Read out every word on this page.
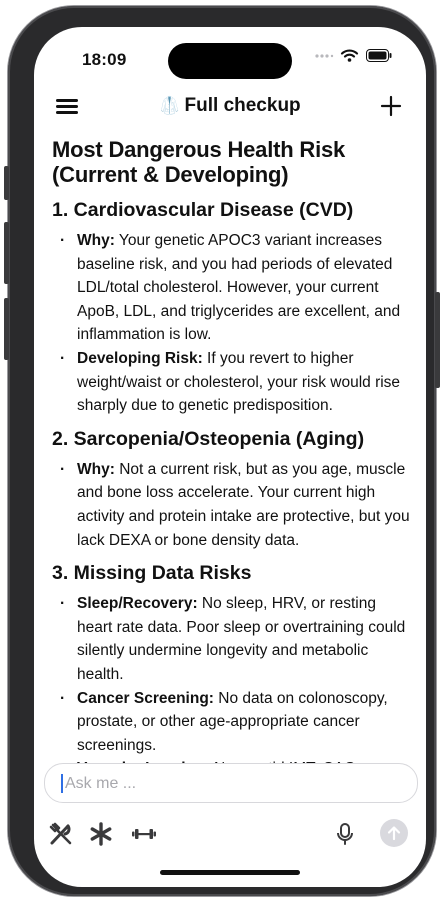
18:09
🥼 Full checkup
Most Dangerous Health Risk (Current & Developing)
1. Cardiovascular Disease (CVD)
· Why: Your genetic APOC3 variant increases baseline risk, and you had periods of elevated LDL/total cholesterol. However, your current ApoB, LDL, and triglycerides are excellent, and inflammation is low.
· Developing Risk: If you revert to higher weight/waist or cholesterol, your risk would rise sharply due to genetic predisposition.
2. Sarcopenia/Osteopenia (Aging)
· Why: Not a current risk, but as you age, muscle and bone loss accelerate. Your current high activity and protein intake are protective, but you lack DEXA or bone density data.
3. Missing Data Risks
· Sleep/Recovery: No sleep, HRV, or resting heart rate data. Poor sleep or overtraining could silently undermine longevity and metabolic health.
· Cancer Screening: No data on colonoscopy, prostate, or other age-appropriate cancer screenings.
·
Ask me ...
